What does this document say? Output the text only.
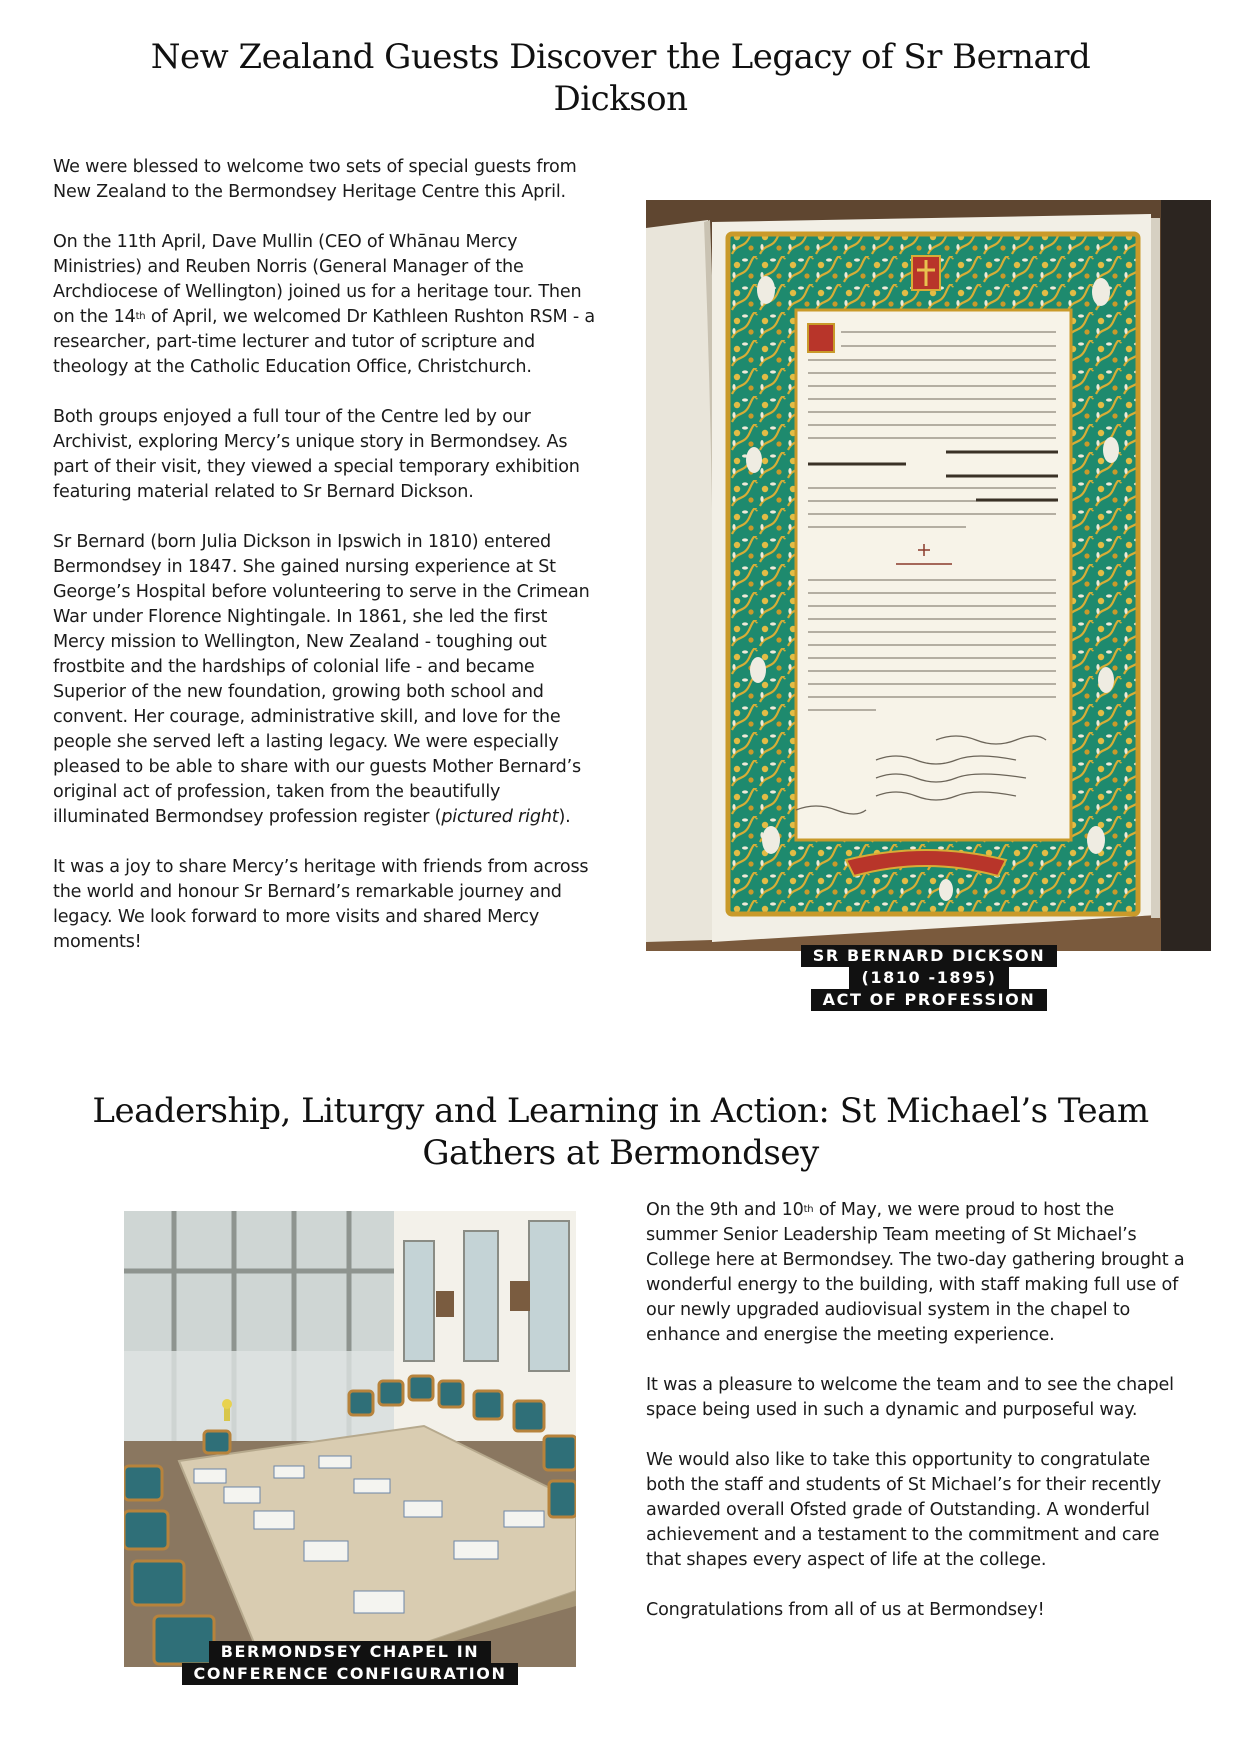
New Zealand Guests Discover the Legacy of Sr Bernard
Dickson

We were blessed to welcome two sets of special guests from New Zealand to the Bermondsey Heritage Centre this April.

On the 11th April, Dave Mullin (CEO of Whānau Mercy Ministries) and Reuben Norris (General Manager of the Archdiocese of Wellington) joined us for a heritage tour. Then on the 14th of April, we welcomed Dr Kathleen Rushton RSM - a researcher, part-time lecturer and tutor of scripture and theology at the Catholic Education Office, Christchurch.

Both groups enjoyed a full tour of the Centre led by our Archivist, exploring Mercy’s unique story in Bermondsey. As part of their visit, they viewed a special temporary exhibition featuring material related to Sr Bernard Dickson.

Sr Bernard (born Julia Dickson in Ipswich in 1810) entered Bermondsey in 1847. She gained nursing experience at St George’s Hospital before volunteering to serve in the Crimean War under Florence Nightingale. In 1861, she led the first Mercy mission to Wellington, New Zealand - toughing out frostbite and the hardships of colonial life - and became Superior of the new foundation, growing both school and convent. Her courage, administrative skill, and love for the people she served left a lasting legacy. We were especially pleased to be able to share with our guests Mother Bernard’s original act of profession, taken from the beautifully illuminated Bermondsey profession register (pictured right).

It was a joy to share Mercy’s heritage with friends from across the world and honour Sr Bernard’s remarkable journey and legacy. We look forward to more visits and shared Mercy moments!

SR BERNARD DICKSON
(1810 -1895)
ACT OF PROFESSION
Leadership, Liturgy and Learning in Action: St Michael’s Team
Gathers at Bermondsey
BERMONDSEY CHAPEL IN
CONFERENCE CONFIGURATION

On the 9th and 10th of May, we were proud to host the summer Senior Leadership Team meeting of St Michael’s College here at Bermondsey. The two-day gathering brought a wonderful energy to the building, with staff making full use of our newly upgraded audiovisual system in the chapel to enhance and energise the meeting experience.

It was a pleasure to welcome the team and to see the chapel space being used in such a dynamic and purposeful way.

We would also like to take this opportunity to congratulate both the staff and students of St Michael’s for their recently awarded overall Ofsted grade of Outstanding. A wonderful achievement and a testament to the commitment and care that shapes every aspect of life at the college.

Congratulations from all of us at Bermondsey!
